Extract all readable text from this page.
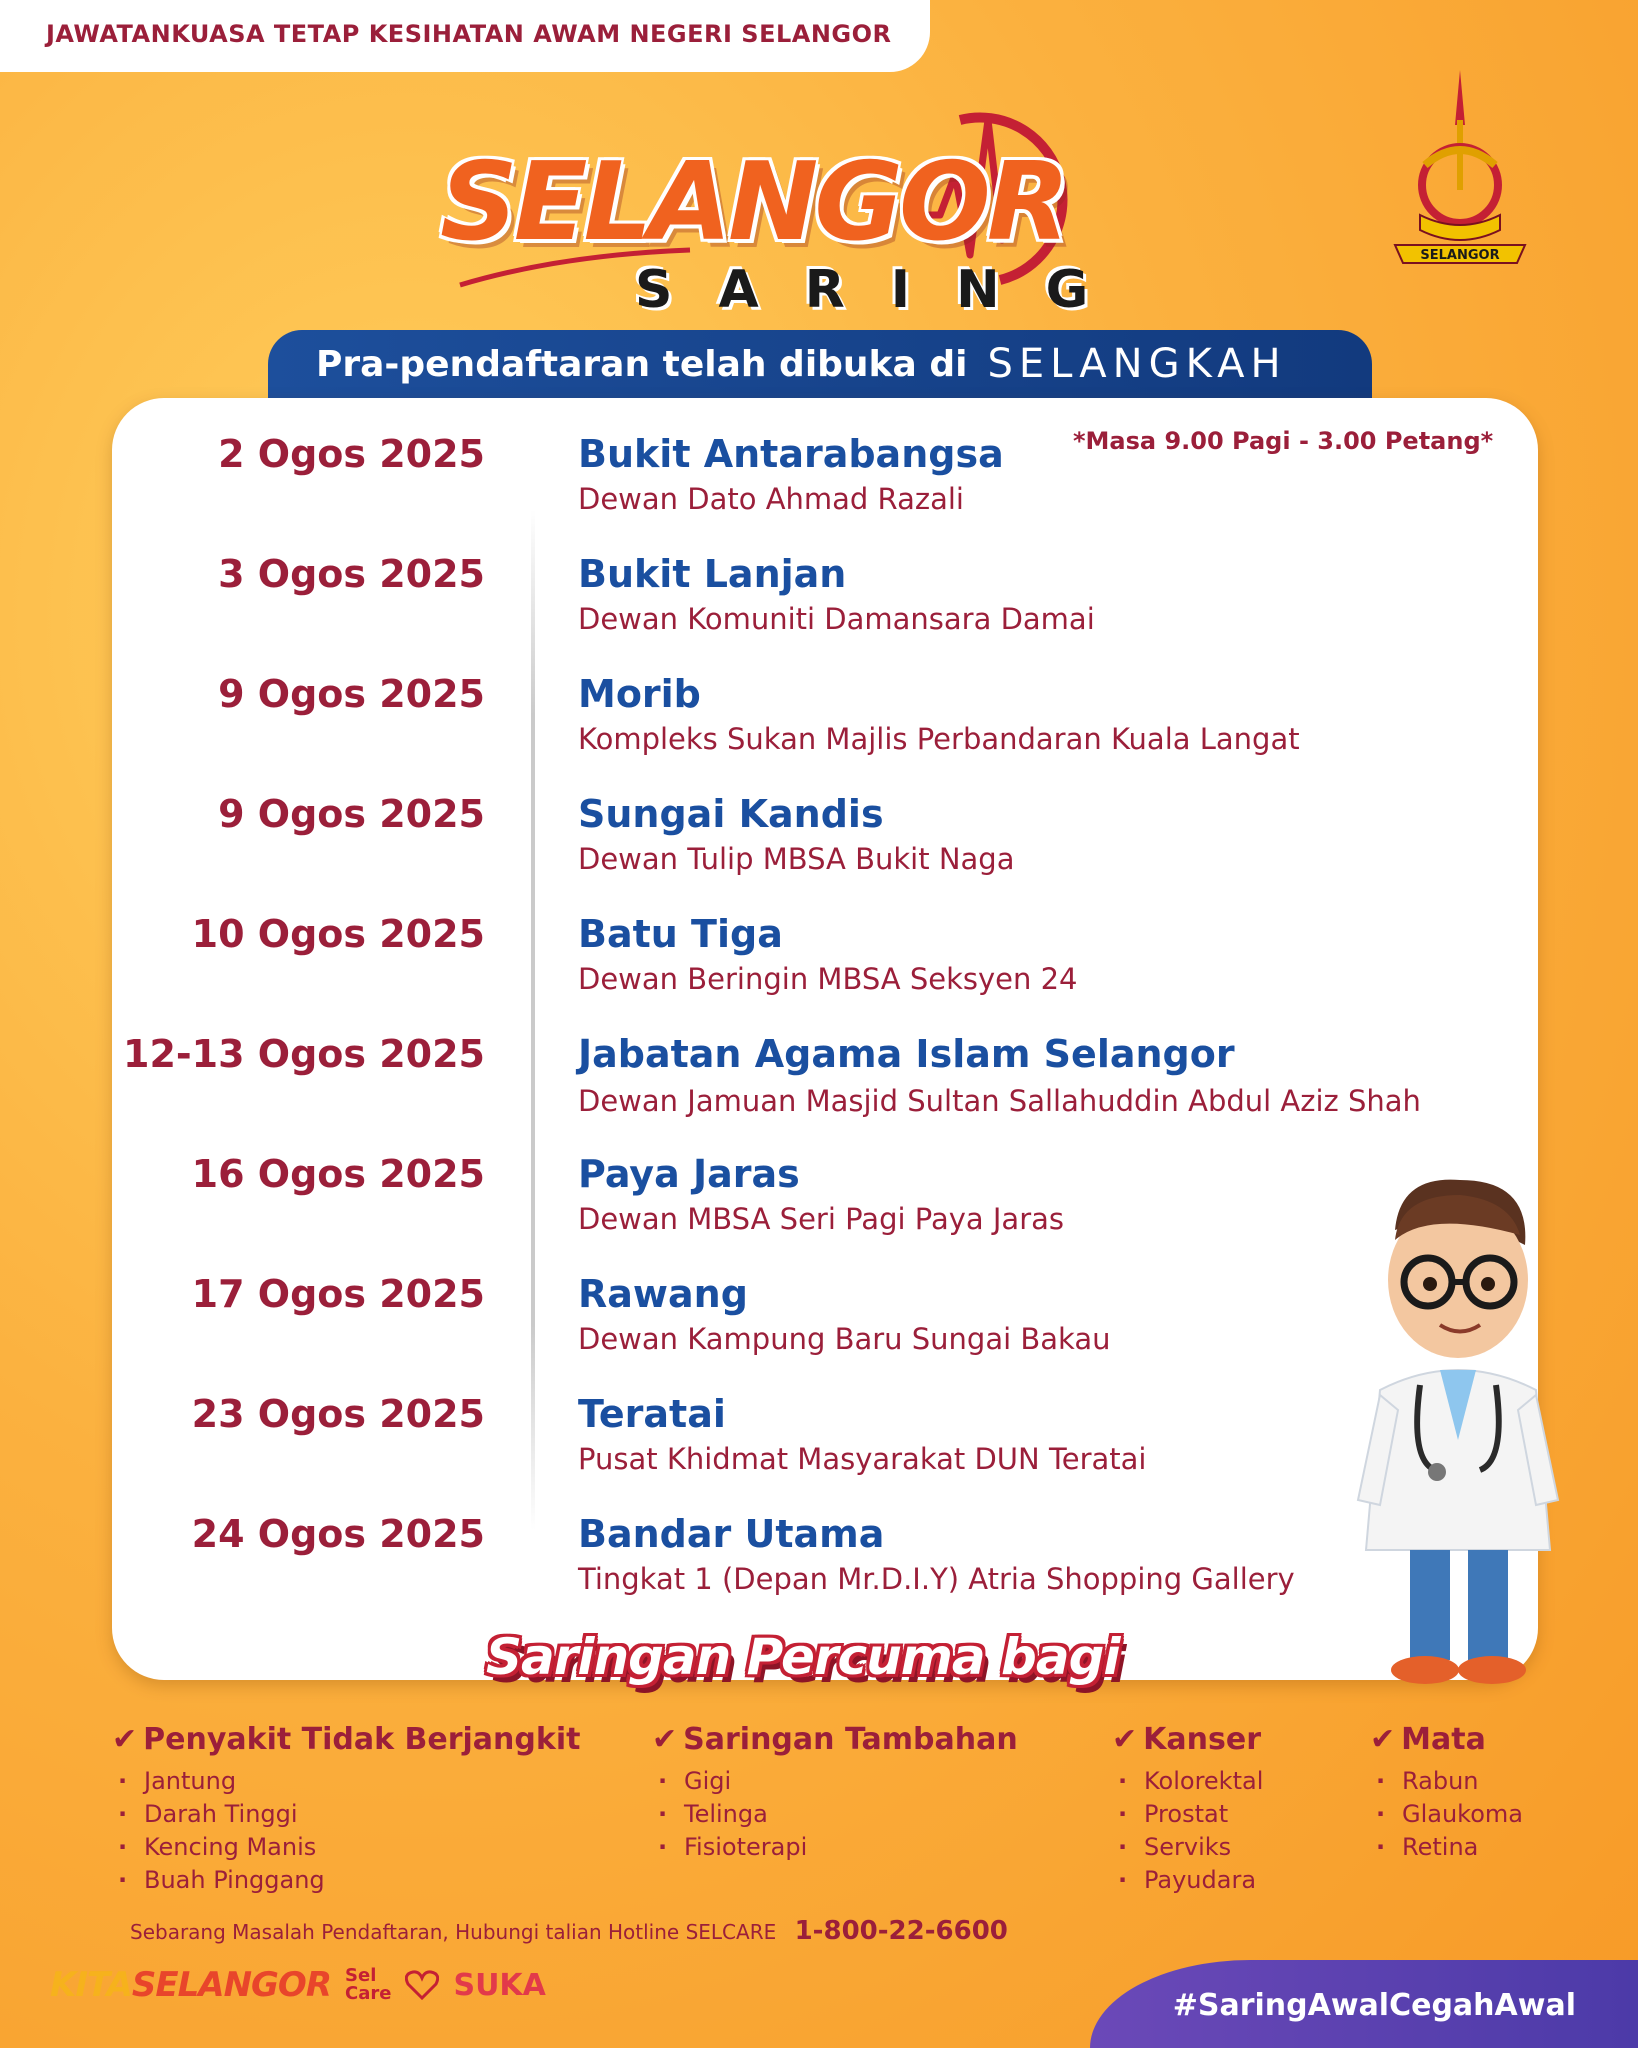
JAWATANKUASA TETAP KESIHATAN AWAM NEGERI SELANGOR
SELANGOR
SARING
SELANGOR
Pra-pendaftaran telah dibuka di SELANGKAH
*Masa 9.00 Pagi - 3.00 Petang*
2 Ogos 2025 Bukit Antarabangsa
Dewan Dato Ahmad Razali
3 Ogos 2025 Bukit Lanjan
Dewan Komuniti Damansara Damai
9 Ogos 2025 Morib
Kompleks Sukan Majlis Perbandaran Kuala Langat
9 Ogos 2025 Sungai Kandis
Dewan Tulip MBSA Bukit Naga
10 Ogos 2025 Batu Tiga
Dewan Beringin MBSA Seksyen 24
12-13 Ogos 2025 Jabatan Agama Islam Selangor
Dewan Jamuan Masjid Sultan Sallahuddin Abdul Aziz Shah
16 Ogos 2025 Paya Jaras
Dewan MBSA Seri Pagi Paya Jaras
17 Ogos 2025 Rawang
Dewan Kampung Baru Sungai Bakau
23 Ogos 2025 Teratai
Pusat Khidmat Masyarakat DUN Teratai
24 Ogos 2025 Bandar Utama
Tingkat 1 (Depan Mr.D.I.Y) Atria Shopping Gallery
Saringan Percuma bagi
✔ Penyakit Tidak Berjangkit
· Jantung
· Darah Tinggi
· Kencing Manis
· Buah Pinggang
✔ Saringan Tambahan
· Gigi
· Telinga
· Fisioterapi
✔ Kanser
· Kolorektal
· Prostat
· Serviks
· Payudara
✔ Mata
· Rabun
· Glaukoma
· Retina
Sebarang Masalah Pendaftaran, Hubungi talian Hotline SELCARE 1-800-22-6600
KITASELANGOR Sel
Care SUKA
#SaringAwalCegahAwal
